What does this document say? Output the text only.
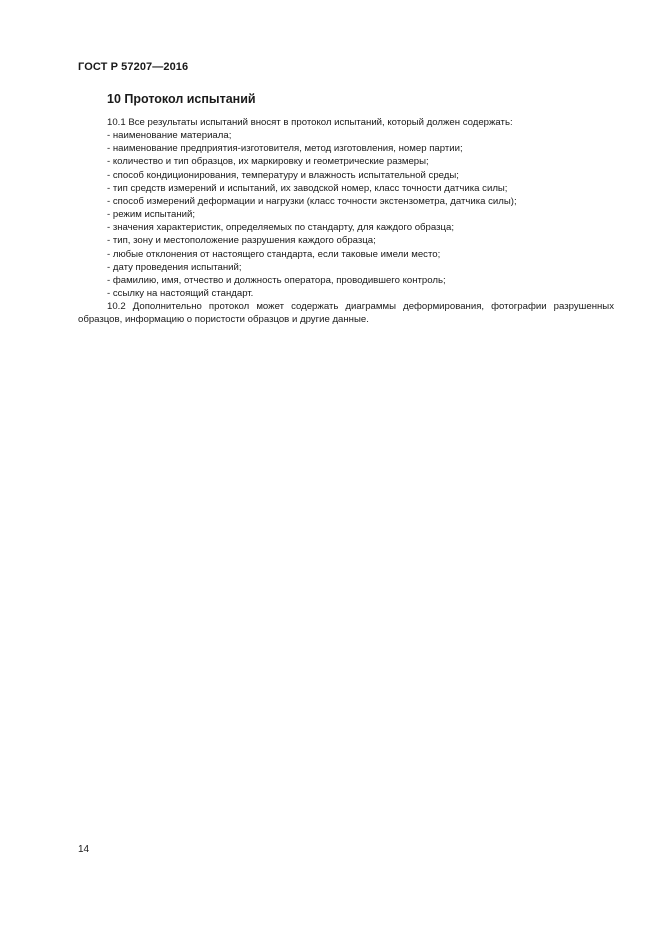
ГОСТ Р 57207—2016
10 Протокол испытаний

10.1 Все результаты испытаний вносят в протокол испытаний, который должен содержать:

- наименование материала;
- наименование предприятия-изготовителя, метод изготовления, номер партии;
- количество и тип образцов, их маркировку и геометрические размеры;
- способ кондиционирования, температуру и влажность испытательной среды;
- тип средств измерений и испытаний, их заводской номер, класс точности датчика силы;
- способ измерений деформации и нагрузки (класс точности экстензометра, датчика силы);
- режим испытаний;
- значения характеристик, определяемых по стандарту, для каждого образца;
- тип, зону и местоположение разрушения каждого образца;
- любые отклонения от настоящего стандарта, если таковые имели место;
- дату проведения испытаний;
- фамилию, имя, отчество и должность оператора, проводившего контроль;
- ссылку на настоящий стандарт.

10.2 Дополнительно протокол может содержать диаграммы деформирования, фотографии разрушенных образцов, информацию о пористости образцов и другие данные.

14
